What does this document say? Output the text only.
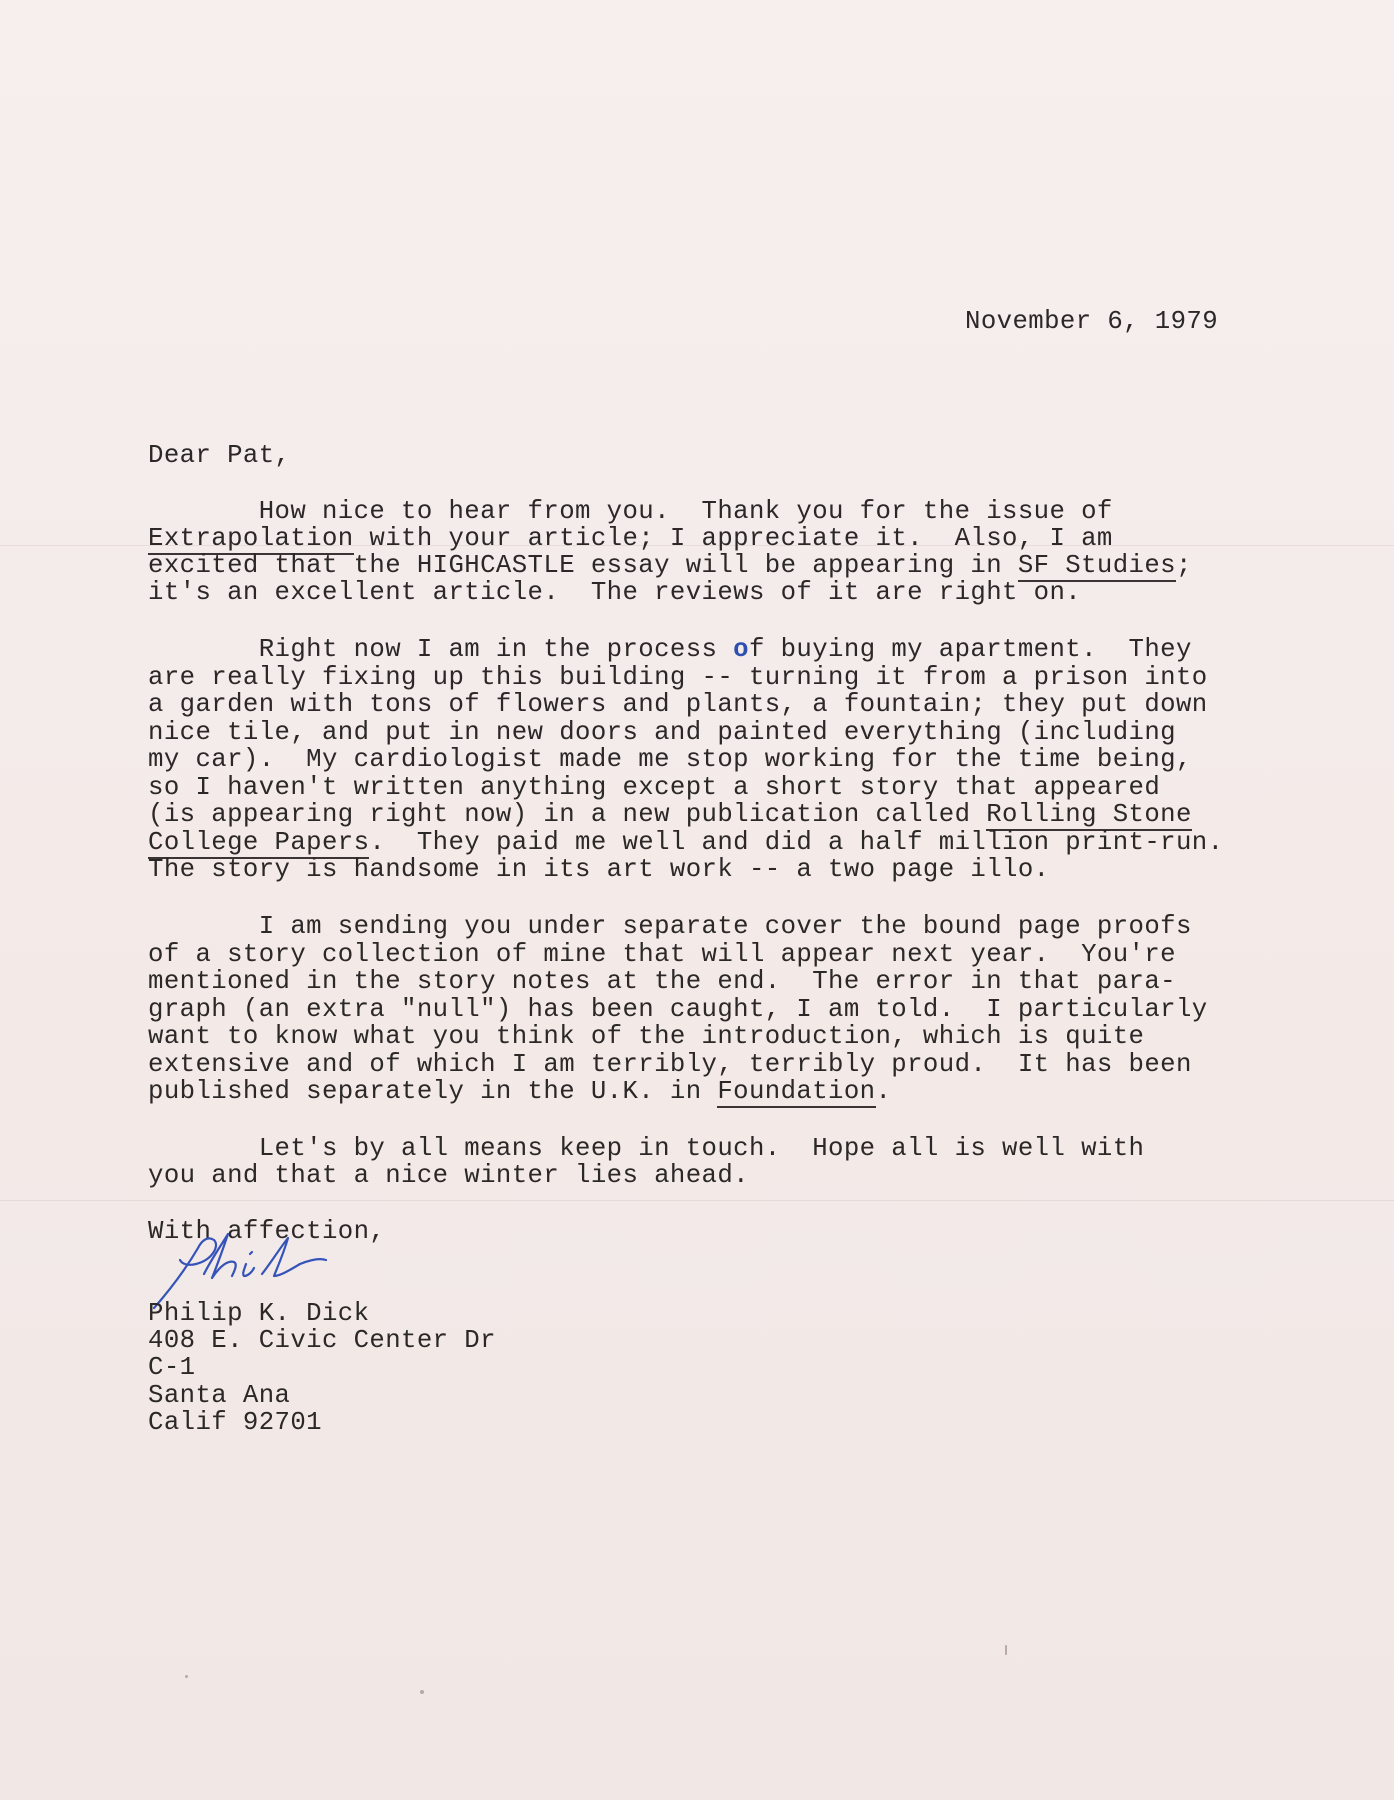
November 6, 1979

Dear Pat,

How nice to hear from you.  Thank you for the issue of

Extrapolation with your article; I appreciate it.  Also, I am

excited that the HIGHCASTLE essay will be appearing in SF Studies;

it's an excellent article.  The reviews of it are right on.

Right now I am in the process of buying my apartment.  They

are really fixing up this building -- turning it from a prison into

a garden with tons of flowers and plants, a fountain; they put down

nice tile, and put in new doors and painted everything (including

my car).  My cardiologist made me stop working for the time being,

so I haven't written anything except a short story that appeared

(is appearing right now) in a new publication called Rolling Stone

College Papers.  They paid me well and did a half million print-run.

The story is handsome in its art work -- a two page illo.

I am sending you under separate cover the bound page proofs

of a story collection of mine that will appear next year.  You're

mentioned in the story notes at the end.  The error in that para-

graph (an extra "null") has been caught, I am told.  I particularly

want to know what you think of the introduction, which is quite

extensive and of which I am terribly, terribly proud.  It has been

published separately in the U.K. in Foundation.

Let's by all means keep in touch.  Hope all is well with

you and that a nice winter lies ahead.

With affection,

Philip K. Dick

408 E. Civic Center Dr

C-1

Santa Ana

Calif 92701
